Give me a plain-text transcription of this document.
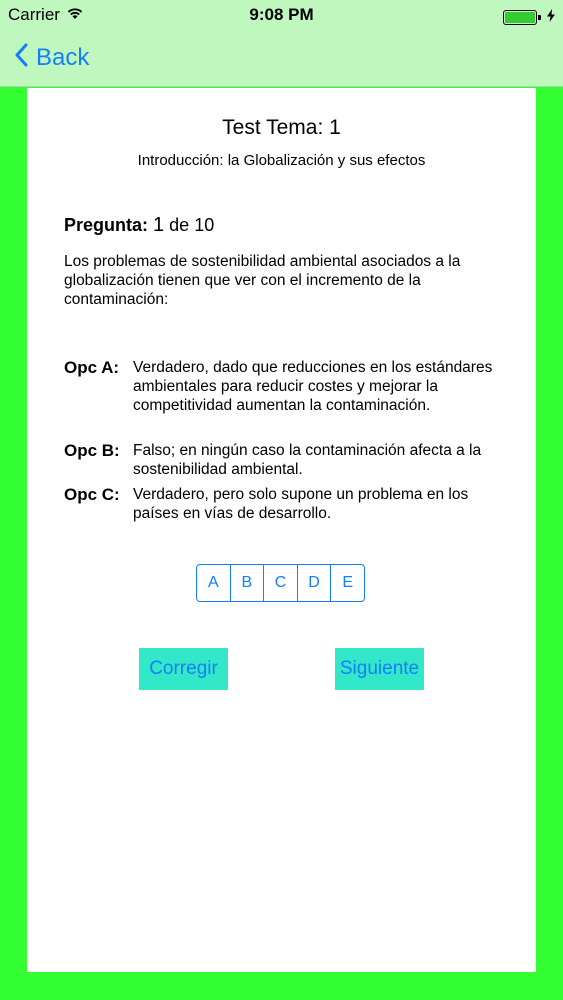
Carrier	9:08 PM
Back
Test Tema: 1
Introducción: la Globalización y sus efectos
Pregunta: 1 de 10
Los problemas de sostenibilidad ambiental asociados a la globalización tienen que ver con el incremento de la contaminación:
Opc A: Verdadero, dado que reducciones en los estándares ambientales para reducir costes y mejorar la competitividad aumentan la contaminación.
Opc B: Falso; en ningún caso la contaminación afecta a la sostenibilidad ambiental.
Opc C: Verdadero, pero solo supone un problema en los países en vías de desarrollo.
A	B	C	D	E
Corregir	Siguiente
